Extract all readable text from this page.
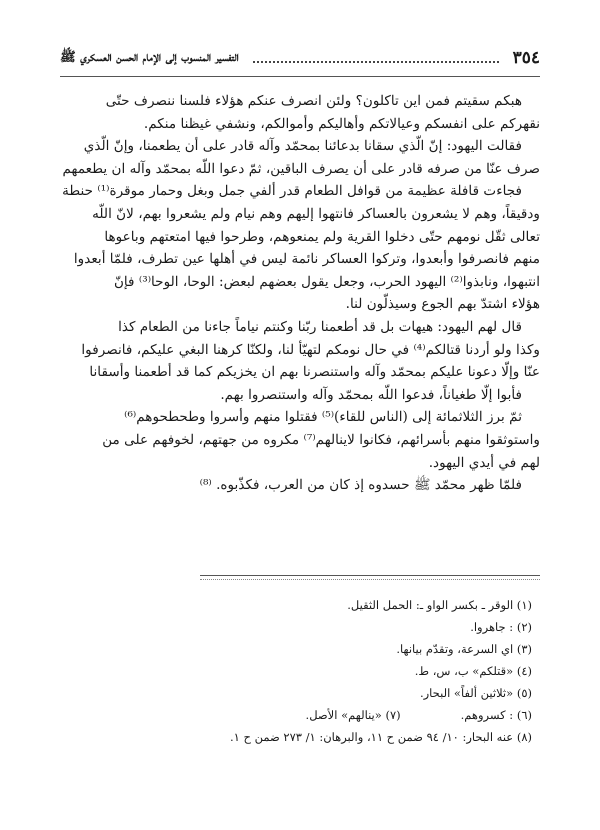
٣٥٤
التفسير المنسوب إلى الإمام الحسن العسكري ﷺ

هبكم سقيتم فمن اين تاكلون؟ ولئن انصرف عنكم هؤلاء فلسنا ننصرف حتّى

نقهركم على انفسكم وعيالاتكم وأهاليكم وأموالكم، ونشفي غيظنا منكم.

فقالت اليهود: إنّ الّذي سقانا بدعائنا بمحمّد وآله قادر على أن يطعمنا، وإنّ الّذي

صرف عنّا من صرفه قادر على أن يصرف الباقين، ثمّ دعوا اللّه بمحمّد وآله ان يطعمهم

فجاءت قافلة عظيمة من قوافل الطعام قدر ألفي جمل وبغل وحمار موقرة⁽¹⁾ حنطة

ودقيقاً، وهم لا يشعرون بالعساكر فانتهوا إليهم وهم نيام ولم يشعروا بهم، لانّ اللّه

تعالى ثقّل نومهم حتّى دخلوا القرية ولم يمنعوهم، وطرحوا فيها امتعتهم وباعوها

منهم فانصرفوا وأبعدوا، وتركوا العساكر نائمة ليس في أهلها عين تطرف، فلمّا أبعدوا

انتبهوا، ونابذوا⁽²⁾ اليهود الحرب، وجعل يقول بعضهم لبعض: الوحا، الوحا⁽³⁾ فإنّ

هؤلاء اشتدّ بهم الجوع وسيذلّون لنا.

قال لهم اليهود: هيهات بل قد أطعمنا ربّنا وكنتم نياماً جاءنا من الطعام كذا

وكذا ولو أردنا قتالكم⁽⁴⁾ في حال نومكم لتهيّأ لنا، ولكنّا كرهنا البغي عليكم، فانصرفوا

عنّا وإلّا دعونا عليكم بمحمّد وآله واستنصرنا بهم ان يخزيكم كما قد أطعمنا وأسقانا

فأبوا إلّا طغياناً، فدعوا اللّه بمحمّد وآله واستنصروا بهم.

ثمّ برز الثلاثمائة إلى (الناس للقاء)⁽⁵⁾ فقتلوا منهم وأسروا وطحطحوهم⁽⁶⁾

واستوثقوا منهم بأسرائهم، فكانوا لاينالهم⁽⁷⁾ مكروه من جهتهم، لخوفهم على من

لهم في أيدي اليهود.

فلمّا ظهر محمّد ﷺ حسدوه إذ كان من العرب، فكذّبوه. ⁽⁸⁾

(١) الوقر ـ بكسر الواو ـ: الحمل الثقيل.
(٢) : جاهروا.
(٣) اي السرعة، وتقدّم بيانها.
(٤) «قتلكم» ب، س، ط.
(٥) «ثلاثين ألفاً» البحار.
(٦) : كسروهم.
(٧) «ينالهم» الأصل.
(٨) عنه البحار: ١٠/ ٩٤ ضمن ح ١١، والبرهان: ١/ ٢٧٣ ضمن ح ١.
